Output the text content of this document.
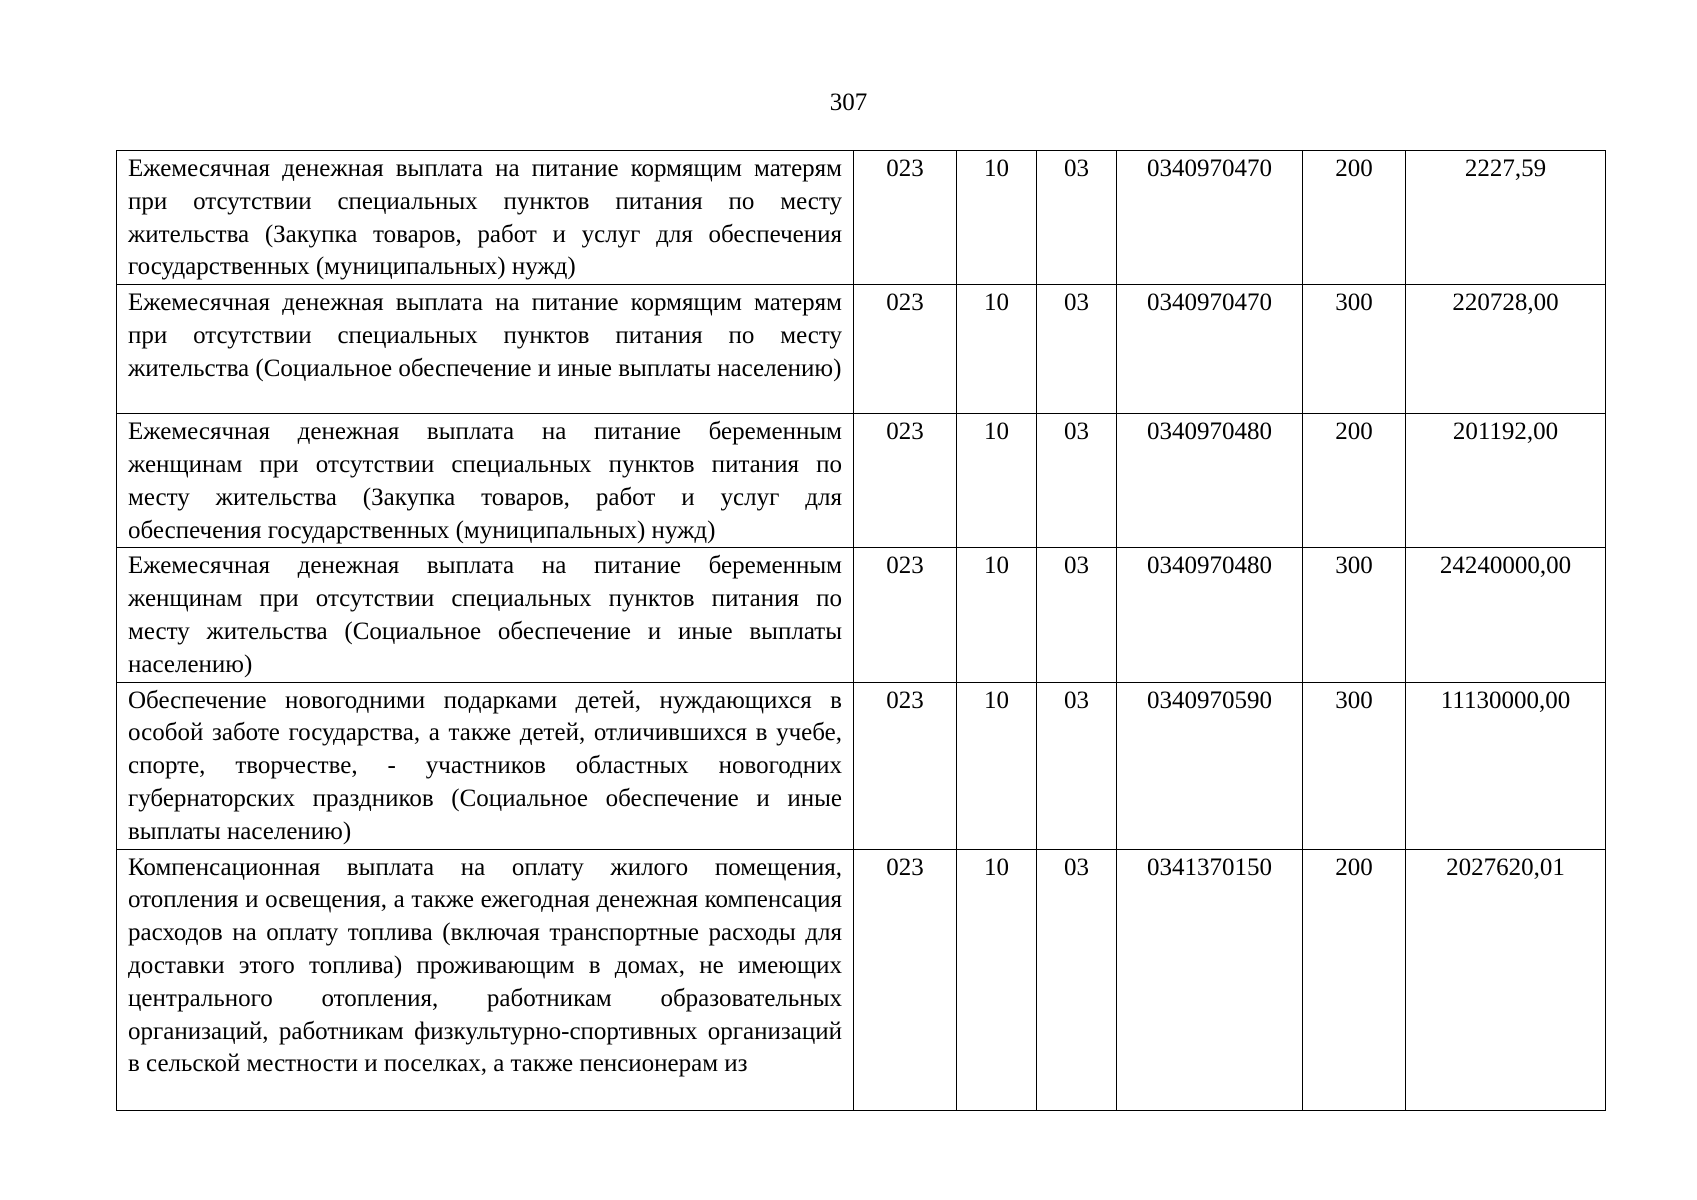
307
Ежемесячная денежная выплата на питание кормящим матерям при отсутствии специальных пунктов питания по месту жительства (Закупка товаров, работ и услуг для обеспечения государственных (муниципальных) нужд)	023	10	03	0340970470	200	2227,59
Ежемесячная денежная выплата на питание кормящим матерям при отсутствии специальных пунктов питания по месту жительства (Социальное обеспечение и иные выплаты населению)	023	10	03	0340970470	300	220728,00
Ежемесячная денежная выплата на питание беременным женщинам при отсутствии специальных пунктов питания по месту жительства (Закупка товаров, работ и услуг для обеспечения государственных (муниципальных) нужд)	023	10	03	0340970480	200	201192,00
Ежемесячная денежная выплата на питание беременным женщинам при отсутствии специальных пунктов питания по месту жительства (Социальное обеспечение и иные выплаты населению)	023	10	03	0340970480	300	24240000,00
Обеспечение новогодними подарками детей, нуждающихся в особой заботе государства, а также детей, отличившихся в учебе, спорте, творчестве, - участников областных новогодних губернаторских праздников (Социальное обеспечение и иные выплаты населению)	023	10	03	0340970590	300	11130000,00
Компенсационная выплата на оплату жилого помещения, отопления и освещения, а также ежегодная денежная компенсация расходов на оплату топлива (включая транспортные расходы для доставки этого топлива) проживающим в домах, не имеющих центрального отопления, работникам образовательных организаций, работникам физкультурно-спортивных организаций в сельской местности и поселках, а также пенсионерам из	023	10	03	0341370150	200	2027620,01
